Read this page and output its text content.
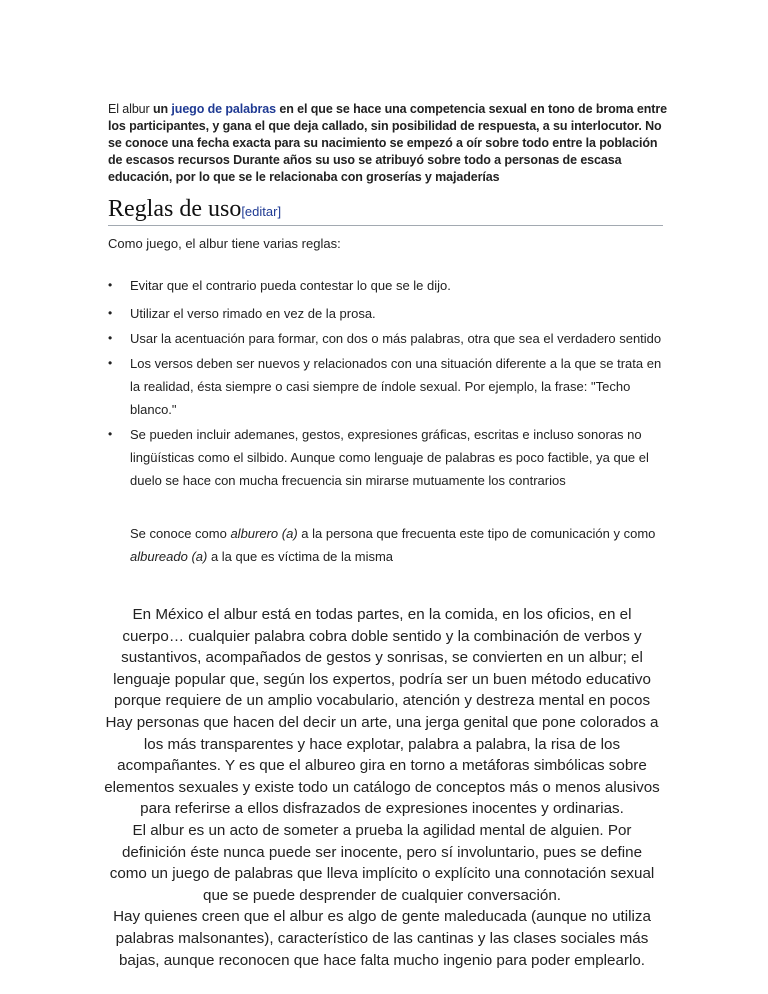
El albur un juego de palabras en el que se hace una competencia sexual en tono de broma entre los participantes, y gana el que deja callado, sin posibilidad de respuesta, a su interlocutor. No se conoce una fecha exacta para su nacimiento se empezó a oír sobre todo entre la población de escasos recursos Durante años su uso se atribuyó sobre todo a personas de escasa educación, por lo que se le relacionaba con groserías y majaderías
Reglas de uso[editar]
Como juego, el albur tiene varias reglas:
• Evitar que el contrario pueda contestar lo que se le dijo.
• Utilizar el verso rimado en vez de la prosa.
• Usar la acentuación para formar, con dos o más palabras, otra que sea el verdadero sentido
• Los versos deben ser nuevos y relacionados con una situación diferente a la que se trata en la realidad, ésta siempre o casi siempre de índole sexual. Por ejemplo, la frase: "Techo blanco."
• Se pueden incluir ademanes, gestos, expresiones gráficas, escritas e incluso sonoras no lingüísticas como el silbido. Aunque como lenguaje de palabras es poco factible, ya que el duelo se hace con mucha frecuencia sin mirarse mutuamente los contrarios
Se conoce como alburero (a) a la persona que frecuenta este tipo de comunicación y como albureado (a) a la que es víctima de la misma
En México el albur está en todas partes, en la comida, en los oficios, en el cuerpo… cualquier palabra cobra doble sentido y la combinación de verbos y sustantivos, acompañados de gestos y sonrisas, se convierten en un albur; el lenguaje popular que, según los expertos, podría ser un buen método educativo porque requiere de un amplio vocabulario, atención y destreza mental en pocos Hay personas que hacen del decir un arte, una jerga genital que pone colorados a los más transparentes y hace explotar, palabra a palabra, la risa de los acompañantes. Y es que el albureo gira en torno a metáforas simbólicas sobre elementos sexuales y existe todo un catálogo de conceptos más o menos alusivos para referirse a ellos disfrazados de expresiones inocentes y ordinarias.
El albur es un acto de someter a prueba la agilidad mental de alguien. Por definición éste nunca puede ser inocente, pero sí involuntario, pues se define como un juego de palabras que lleva implícito o explícito una connotación sexual que se puede desprender de cualquier conversación.
Hay quienes creen que el albur es algo de gente maleducada (aunque no utiliza palabras malsonantes), característico de las cantinas y las clases sociales más bajas, aunque reconocen que hace falta mucho ingenio para poder emplearlo.
